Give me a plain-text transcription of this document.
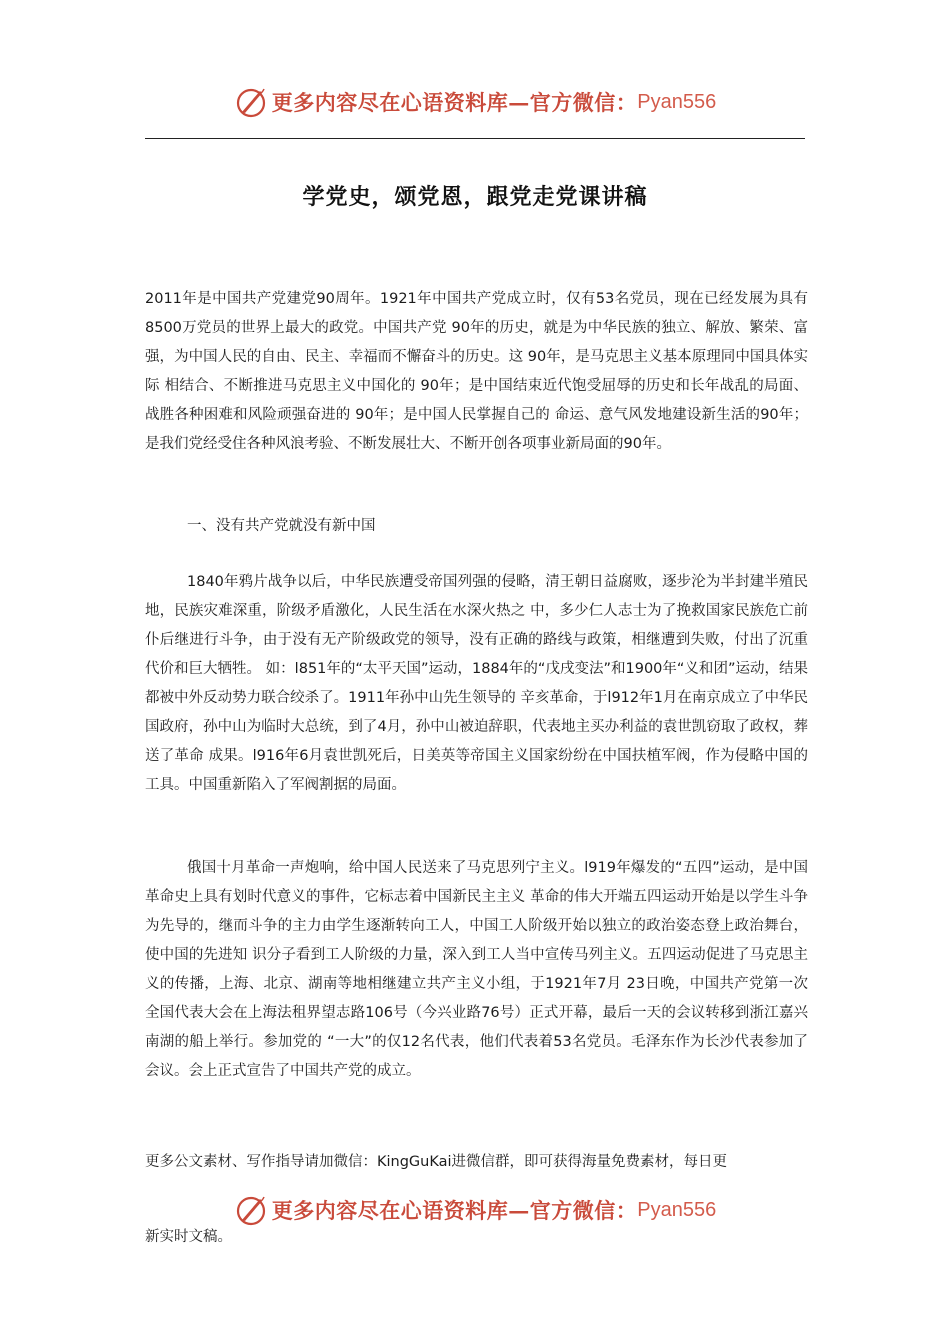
更多内容尽在心语资料库—官方微信： Pyan556
学党史，颂党恩，跟党走党课讲稿

2011年是中国共产党建党90周年。1921年中国共产党成立时，仅有53名党员，现在已经发展为具有8500万党员的世界上最大的政党。中国共产党 90年的历史，就是为中华民族的独立、解放、繁荣、富强，为中国人民的自由、民主、幸福而不懈奋斗的历史。这 90年，是马克思主义基本原理同中国具体实际 相结合、不断推进马克思主义中国化的 90年；是中国结束近代饱受屈辱的历史和长年战乱的局面、战胜各种困难和风险顽强奋进的 90年；是中国人民掌握自己的 命运、意气风发地建设新生活的90年；是我们党经受住各种风浪考验、不断发展壮大、不断开创各项事业新局面的90年。

一、没有共产党就没有新中国

1840年鸦片战争以后，中华民族遭受帝国列强的侵略，清王朝日益腐败，逐步沦为半封建半殖民地，民族灾难深重，阶级矛盾激化，人民生活在水深火热之 中，多少仁人志士为了挽救国家民族危亡前仆后继进行斗争，由于没有无产阶级政党的领导，没有正确的路线与政策，相继遭到失败，付出了沉重代价和巨大牺牲。 如：l851年的“太平天国”运动，1884年的“戊戌变法”和1900年“义和团”运动，结果都被中外反动势力联合绞杀了。1911年孙中山先生领导的 辛亥革命，于l912年1月在南京成立了中华民国政府，孙中山为临时大总统，到了4月，孙中山被迫辞职，代表地主买办利益的袁世凯窃取了政权，葬送了革命 成果。l916年6月袁世凯死后，日美英等帝国主义国家纷纷在中国扶植军阀，作为侵略中国的工具。中国重新陷入了军阀割据的局面。

俄国十月革命一声炮响，给中国人民送来了马克思列宁主义。l919年爆发的“五四”运动，是中国革命史上具有划时代意义的事件，它标志着中国新民主主义 革命的伟大开端五四运动开始是以学生斗争为先导的，继而斗争的主力由学生逐渐转向工人，中国工人阶级开始以独立的政治姿态登上政治舞台，使中国的先进知 识分子看到工人阶级的力量，深入到工人当中宣传马列主义。五四运动促进了马克思主义的传播，上海、北京、湖南等地相继建立共产主义小组，于1921年7月 23日晚，中国共产党第一次全国代表大会在上海法租界望志路106号（今兴业路76号）正式开幕，最后一天的会议转移到浙江嘉兴南湖的船上举行。参加党的 “一大”的仅12名代表，他们代表着53名党员。毛泽东作为长沙代表参加了会议。会上正式宣告了中国共产党的成立。

更多公文素材、写作指导请加微信：KingGuKai进微信群，即可获得海量免费素材，每日更

更多内容尽在心语资料库—官方微信： Pyan556

新实时文稿。
